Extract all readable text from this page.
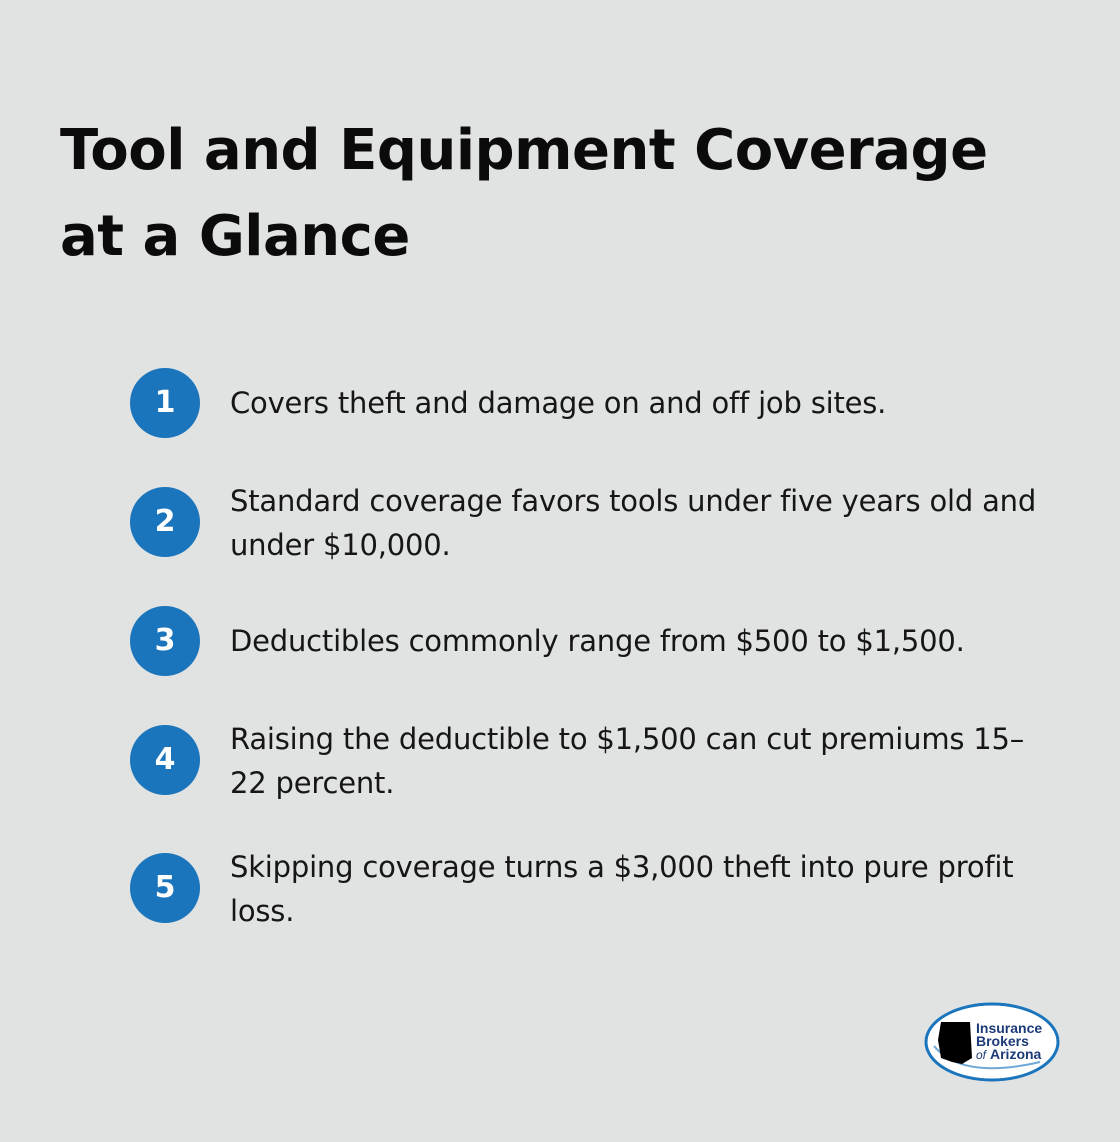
Tool and Equipment Coverage
at a Glance
1	Covers theft and damage on and off job sites.
2
Standard coverage favors tools under five years old and under $10,000.
3	Deductibles commonly range from $500 to $1,500.
4
Raising the deductible to $1,500 can cut premiums 15–22 percent.
5
Skipping coverage turns a $3,000 theft into pure profit loss.
Insurance
Brokers
of Arizona
